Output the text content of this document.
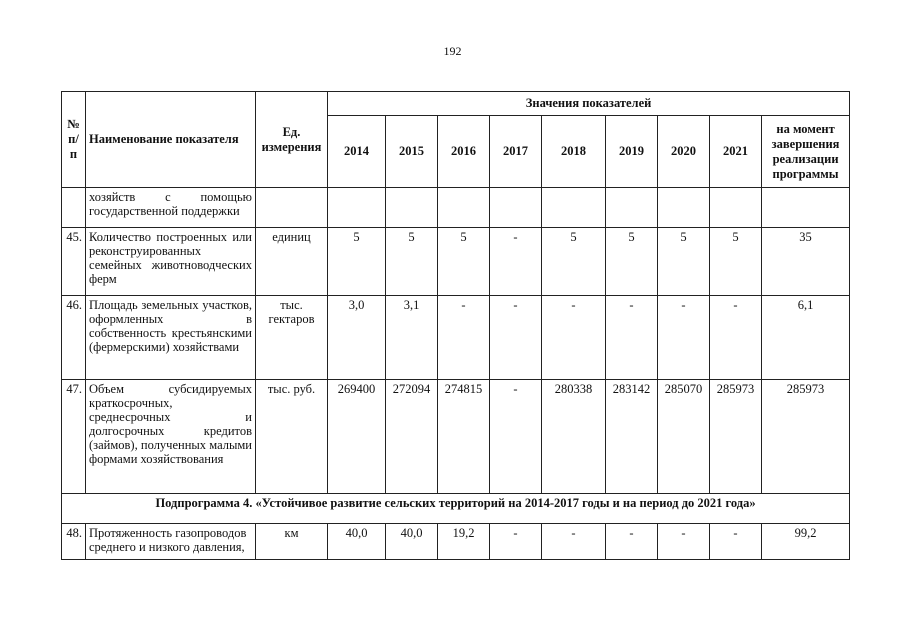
192
№ п/п	Наименование показателя	Ед. измерения	Значения показателей								
			2014	2015	2016	2017	2018	2019	2020	2021	на момент завершения реализации программы
	хозяйств с помощью государственной поддержки										
45.	Количество построенных или реконструированных семейных животноводческих ферм	единиц	5	5	5	-	5	5	5	5	35
46.	Площадь земельных участков, оформленных в собственность крестьянскими (фермерскими) хозяйствами	тыс. гектаров	3,0	3,1	-	-	-	-	-	-	6,1
47.	Объем субсидируемых краткосрочных, среднесрочных и долгосрочных кредитов (займов), полученных малыми формами хозяйствования	тыс. руб.	269400	272094	274815	-	280338	283142	285070	285973	285973
Подпрограмма 4. «Устойчивое развитие сельских территорий на 2014-2017 годы и на период до 2021 года»											
48.	Протяженность газопроводов среднего и низкого давления,	км	40,0	40,0	19,2	-	-	-	-	-	99,2
